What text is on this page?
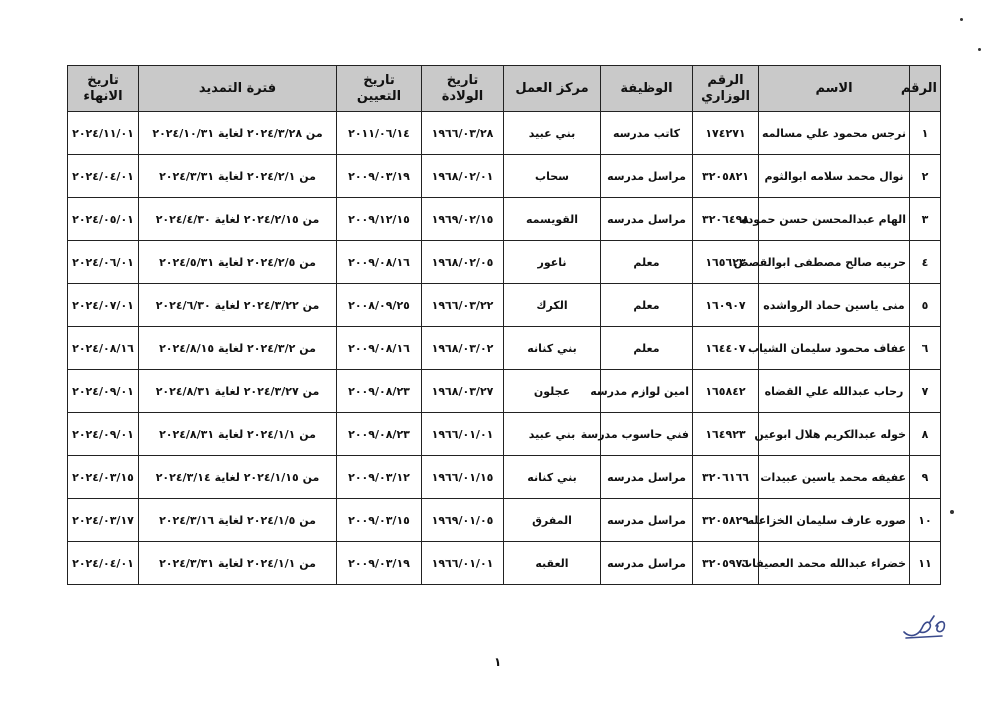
الرقم	الاسم	الرقم الوزاري	الوظيفة	مركز العمل	تاريخ الولادة	تاريخ التعيين	فترة التمديد	تاريخ الانهاء
١	نرجس محمود علي مسالمه	١٧٤٢٧١	كاتب مدرسه	بني عبيد	١٩٦٦/٠٣/٢٨	٢٠١١/٠٦/١٤	من ٢٠٢٤/٣/٢٨ لغاية ٢٠٢٤/١٠/٣١	٢٠٢٤/١١/٠١
٢	نوال محمد سلامه ابوالثوم	٣٢٠٥٨٢١	مراسل مدرسه	سحاب	١٩٦٨/٠٢/٠١	٢٠٠٩/٠٣/١٩	من ٢٠٢٤/٢/١ لغاية ٢٠٢٤/٣/٣١	٢٠٢٤/٠٤/٠١
٣	الهام عبدالمحسن حسن حموده	٣٢٠٦٤٩٨	مراسل مدرسه	القويسمه	١٩٦٩/٠٢/١٥	٢٠٠٩/١٢/١٥	من ٢٠٢٤/٢/١٥ لغاية ٢٠٢٤/٤/٣٠	٢٠٢٤/٠٥/٠١
٤	حربيه صالح مصطفى ابوالقصص	١٦٥٦٢٣	معلم	ناعور	١٩٦٨/٠٢/٠٥	٢٠٠٩/٠٨/١٦	من ٢٠٢٤/٢/٥ لغاية ٢٠٢٤/٥/٣١	٢٠٢٤/٠٦/٠١
٥	منى ياسين حماد الرواشده	١٦٠٩٠٧	معلم	الكرك	١٩٦٦/٠٣/٢٢	٢٠٠٨/٠٩/٢٥	من ٢٠٢٤/٣/٢٢ لغاية ٢٠٢٤/٦/٣٠	٢٠٢٤/٠٧/٠١
٦	عفاف محمود سليمان الشياب	١٦٤٤٠٧	معلم	بني كنانه	١٩٦٨/٠٣/٠٢	٢٠٠٩/٠٨/١٦	من ٢٠٢٤/٣/٢ لغاية ٢٠٢٤/٨/١٥	٢٠٢٤/٠٨/١٦
٧	رحاب عبدالله علي القضاه	١٦٥٨٤٢	امين لوازم مدرسه	عجلون	١٩٦٨/٠٣/٢٧	٢٠٠٩/٠٨/٢٣	من ٢٠٢٤/٣/٢٧ لغاية ٢٠٢٤/٨/٣١	٢٠٢٤/٠٩/٠١
٨	خوله عبدالكريم هلال ابوعين	١٦٤٩٢٣	فني حاسوب مدرسة	بني عبيد	١٩٦٦/٠١/٠١	٢٠٠٩/٠٨/٢٣	من ٢٠٢٤/١/١ لغاية ٢٠٢٤/٨/٣١	٢٠٢٤/٠٩/٠١
٩	عفيفه محمد ياسين عبيدات	٣٢٠٦١٦٦	مراسل مدرسه	بني كنانه	١٩٦٦/٠١/١٥	٢٠٠٩/٠٣/١٢	من ٢٠٢٤/١/١٥ لغاية ٢٠٢٤/٣/١٤	٢٠٢٤/٠٣/١٥
١٠	صوره عارف سليمان الخزاعله	٣٢٠٥٨٢٩	مراسل مدرسه	المفرق	١٩٦٩/٠١/٠٥	٢٠٠٩/٠٣/١٥	من ٢٠٢٤/١/٥ لغاية ٢٠٢٤/٣/١٦	٢٠٢٤/٠٣/١٧
١١	خضراء عبدالله محمد العصيفات	٣٢٠٥٩٧٦	مراسل مدرسه	العقبه	١٩٦٦/٠١/٠١	٢٠٠٩/٠٣/١٩	من ٢٠٢٤/١/١ لغاية ٢٠٢٤/٣/٣١	٢٠٢٤/٠٤/٠١
١
